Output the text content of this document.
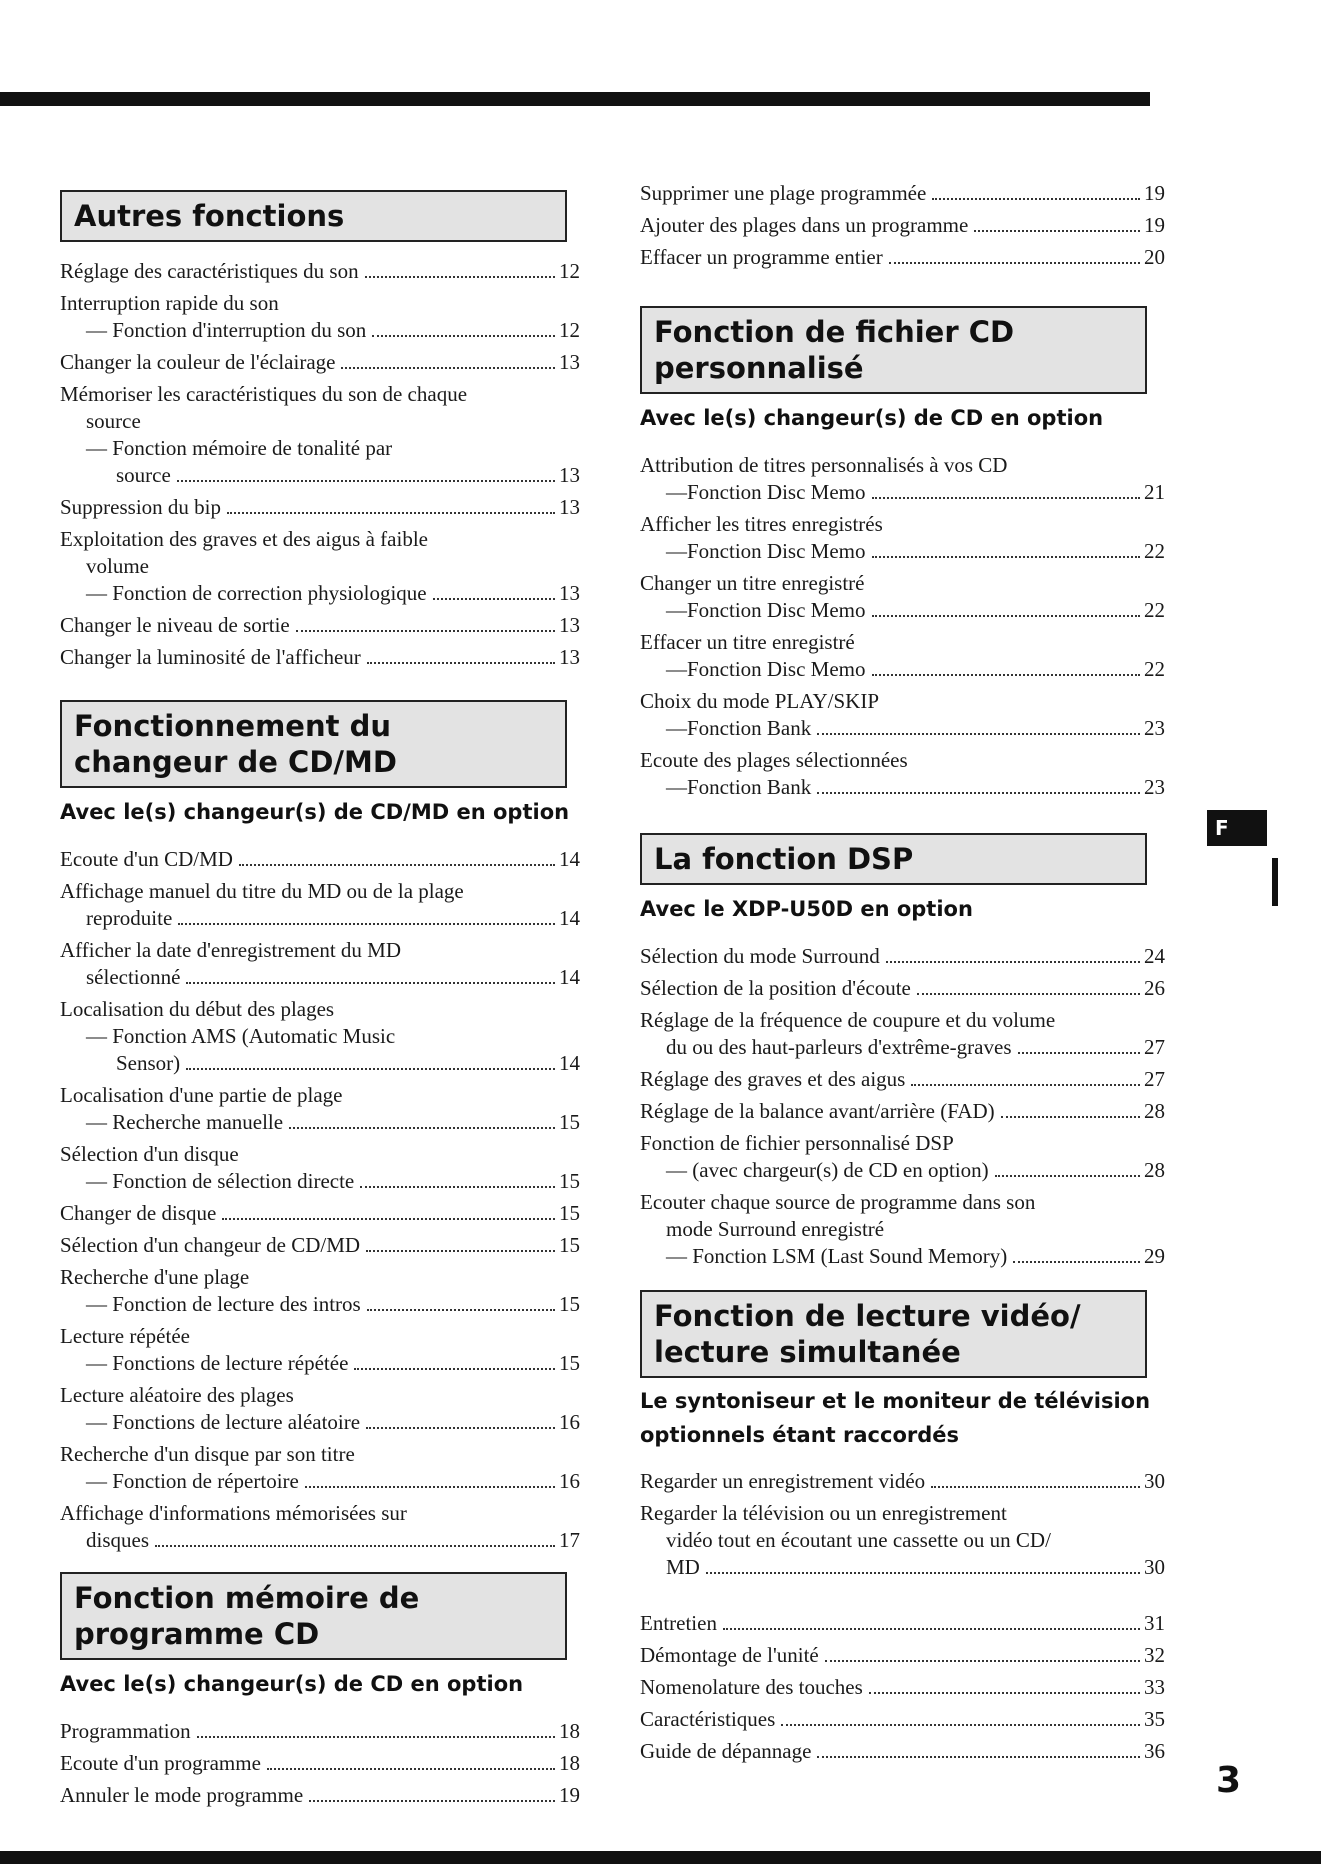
Autres fonctions
Réglage des caractéristiques du son	12
Interruption rapide du son
— Fonction d'interruption du son	12
Changer la couleur de l'éclairage	13
Mémoriser les caractéristiques du son de chaque
source
— Fonction mémoire de tonalité par
source	13
Suppression du bip	13
Exploitation des graves et des aigus à faible
volume
— Fonction de correction physiologique	13
Changer le niveau de sortie	13
Changer la luminosité de l'afficheur	13
Fonctionnement du changeur de CD/MD
Avec le(s) changeur(s) de CD/MD en option
Ecoute d'un CD/MD	14
Affichage manuel du titre du MD ou de la plage
reproduite	14
Afficher la date d'enregistrement du MD
sélectionné	14
Localisation du début des plages
— Fonction AMS (Automatic Music
Sensor)	14
Localisation d'une partie de plage
— Recherche manuelle	15
Sélection d'un disque
— Fonction de sélection directe	15
Changer de disque	15
Sélection d'un changeur de CD/MD	15
Recherche d'une plage
— Fonction de lecture des intros	15
Lecture répétée
— Fonctions de lecture répétée	15
Lecture aléatoire des plages
— Fonctions de lecture aléatoire	16
Recherche d'un disque par son titre
— Fonction de répertoire	16
Affichage d'informations mémorisées sur
disques	17
Fonction mémoire de programme CD
Avec le(s) changeur(s) de CD en option
Programmation	18
Ecoute d'un programme	18
Annuler le mode programme	19
Supprimer une plage programmée	19
Ajouter des plages dans un programme	19
Effacer un programme entier	20
Fonction de fichier CD personnalisé
Avec le(s) changeur(s) de CD en option
Attribution de titres personnalisés à vos CD
—Fonction Disc Memo	21
Afficher les titres enregistrés
—Fonction Disc Memo	22
Changer un titre enregistré
—Fonction Disc Memo	22
Effacer un titre enregistré
—Fonction Disc Memo	22
Choix du mode PLAY/SKIP
—Fonction Bank	23
Ecoute des plages sélectionnées
—Fonction Bank	23
La fonction DSP
Avec le XDP-U50D en option
Sélection du mode Surround	24
Sélection de la position d'écoute	26
Réglage de la fréquence de coupure et du volume
du ou des haut-parleurs d'extrême-graves	27
Réglage des graves et des aigus	27
Réglage de la balance avant/arrière (FAD)	28
Fonction de fichier personnalisé DSP
— (avec chargeur(s) de CD en option)	28
Ecouter chaque source de programme dans son
mode Surround enregistré
— Fonction LSM (Last Sound Memory)	29
Fonction de lecture vidéo/ lecture simultanée
Le syntoniseur et le moniteur de télévision optionnels étant raccordés
Regarder un enregistrement vidéo	30
Regarder la télévision ou un enregistrement
vidéo tout en écoutant une cassette ou un CD/
MD	30
Entretien	31
Démontage de l'unité	32
Nomenolature des touches	33
Caractéristiques	35
Guide de dépannage	36
F
3
